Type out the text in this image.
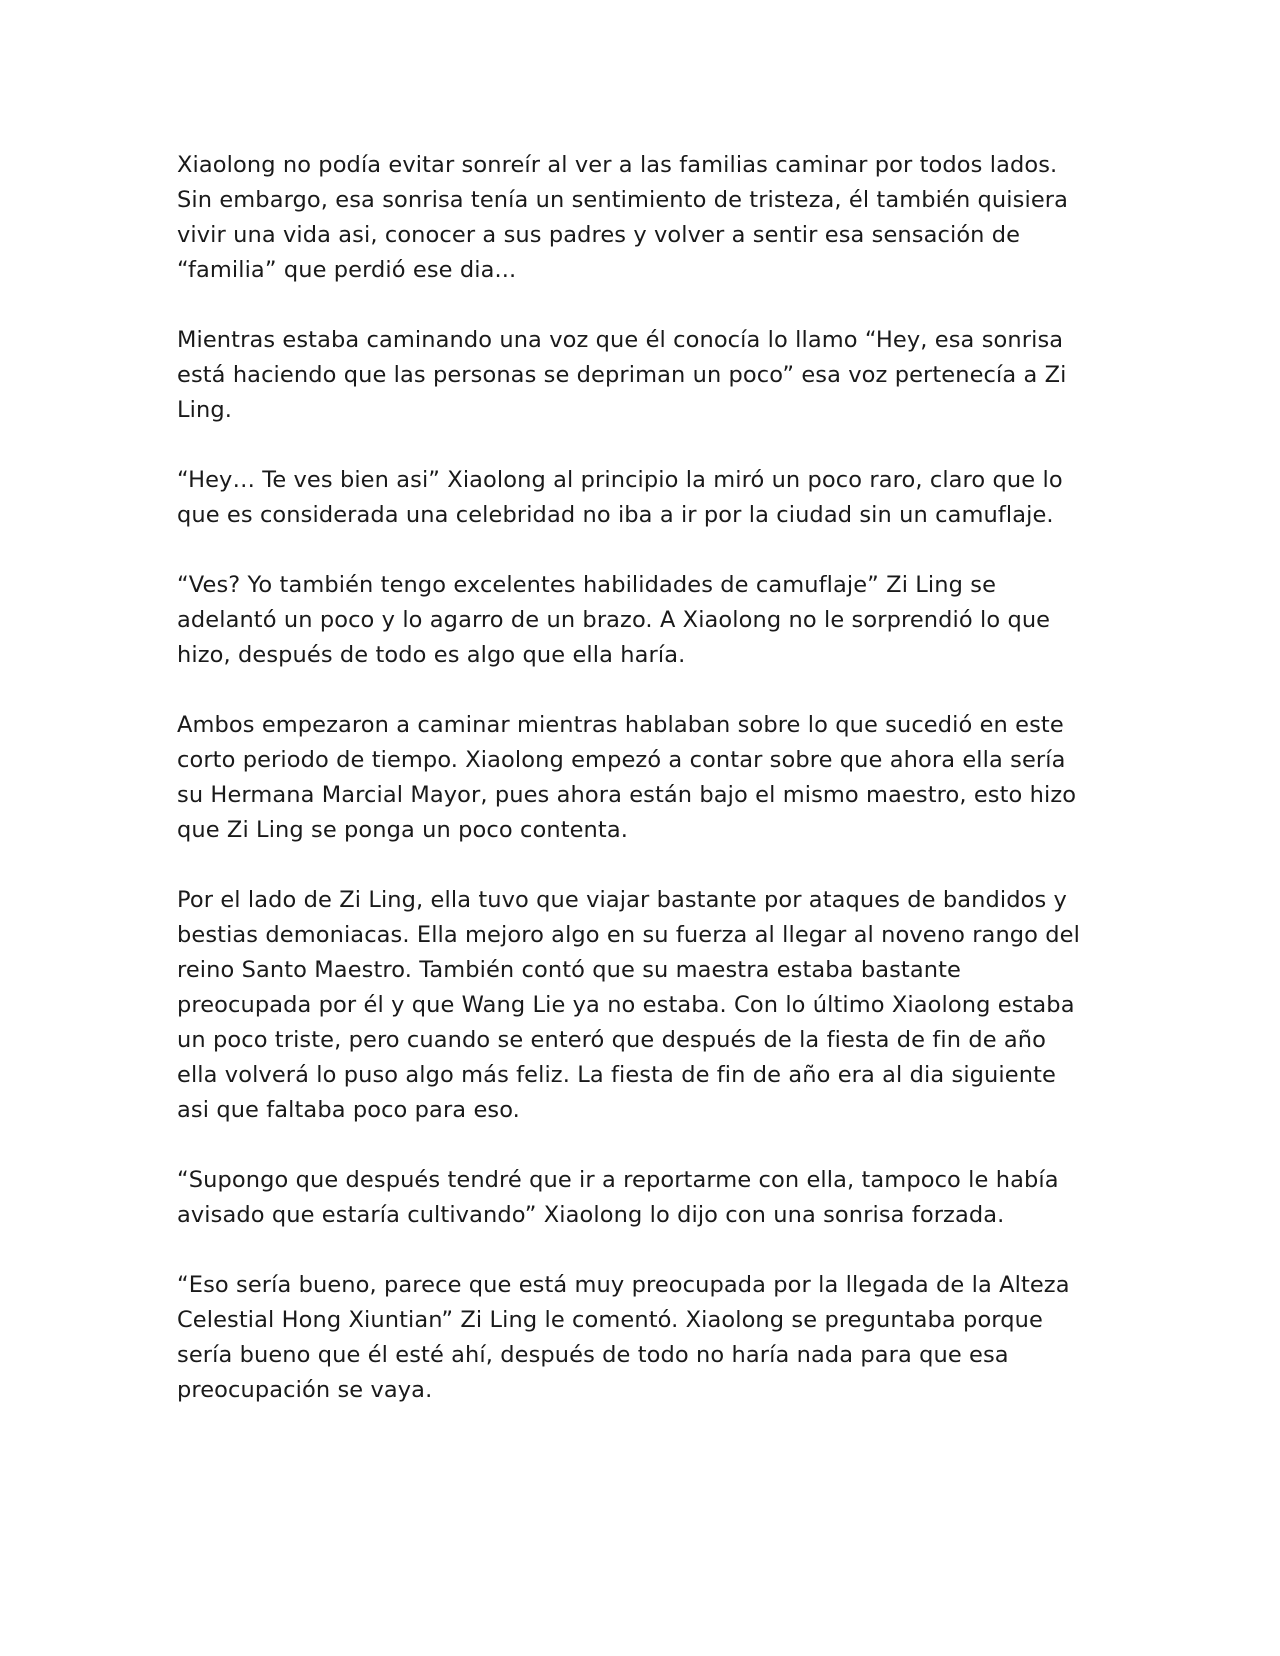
Xiaolong no podía evitar sonreír al ver a las familias caminar por todos lados.
Sin embargo, esa sonrisa tenía un sentimiento de tristeza, él también quisiera
vivir una vida asi, conocer a sus padres y volver a sentir esa sensación de
“familia” que perdió ese dia...

Mientras estaba caminando una voz que él conocía lo llamo “Hey, esa sonrisa
está haciendo que las personas se depriman un poco” esa voz pertenecía a Zi
Ling.

“Hey… Te ves bien asi” Xiaolong al principio la miró un poco raro, claro que lo
que es considerada una celebridad no iba a ir por la ciudad sin un camuflaje.

“Ves? Yo también tengo excelentes habilidades de camuflaje” Zi Ling se
adelantó un poco y lo agarro de un brazo. A Xiaolong no le sorprendió lo que
hizo, después de todo es algo que ella haría.

Ambos empezaron a caminar mientras hablaban sobre lo que sucedió en este
corto periodo de tiempo. Xiaolong empezó a contar sobre que ahora ella sería
su Hermana Marcial Mayor, pues ahora están bajo el mismo maestro, esto hizo
que Zi Ling se ponga un poco contenta.

Por el lado de Zi Ling, ella tuvo que viajar bastante por ataques de bandidos y
bestias demoniacas. Ella mejoro algo en su fuerza al llegar al noveno rango del
reino Santo Maestro. También contó que su maestra estaba bastante
preocupada por él y que Wang Lie ya no estaba. Con lo último Xiaolong estaba
un poco triste, pero cuando se enteró que después de la fiesta de fin de año
ella volverá lo puso algo más feliz. La fiesta de fin de año era al dia siguiente
asi que faltaba poco para eso.

“Supongo que después tendré que ir a reportarme con ella, tampoco le había
avisado que estaría cultivando” Xiaolong lo dijo con una sonrisa forzada.

“Eso sería bueno, parece que está muy preocupada por la llegada de la Alteza
Celestial Hong Xiuntian” Zi Ling le comentó. Xiaolong se preguntaba porque
sería bueno que él esté ahí, después de todo no haría nada para que esa
preocupación se vaya.
